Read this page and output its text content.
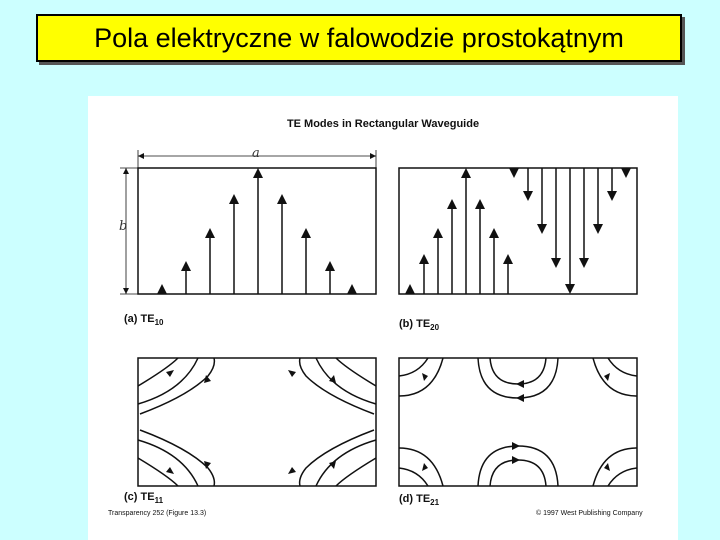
Pola elektryczne w falowodzie prostokątnym
TE Modes in Rectangular Waveguide
a
b
(a) $TE_{10}$	(b) $TE_{20}$
(c) $TE_{11}$	(d) $TE_{21}$
Transparency 252 (Figure 13.3)	© 1997 West Publishing Company
